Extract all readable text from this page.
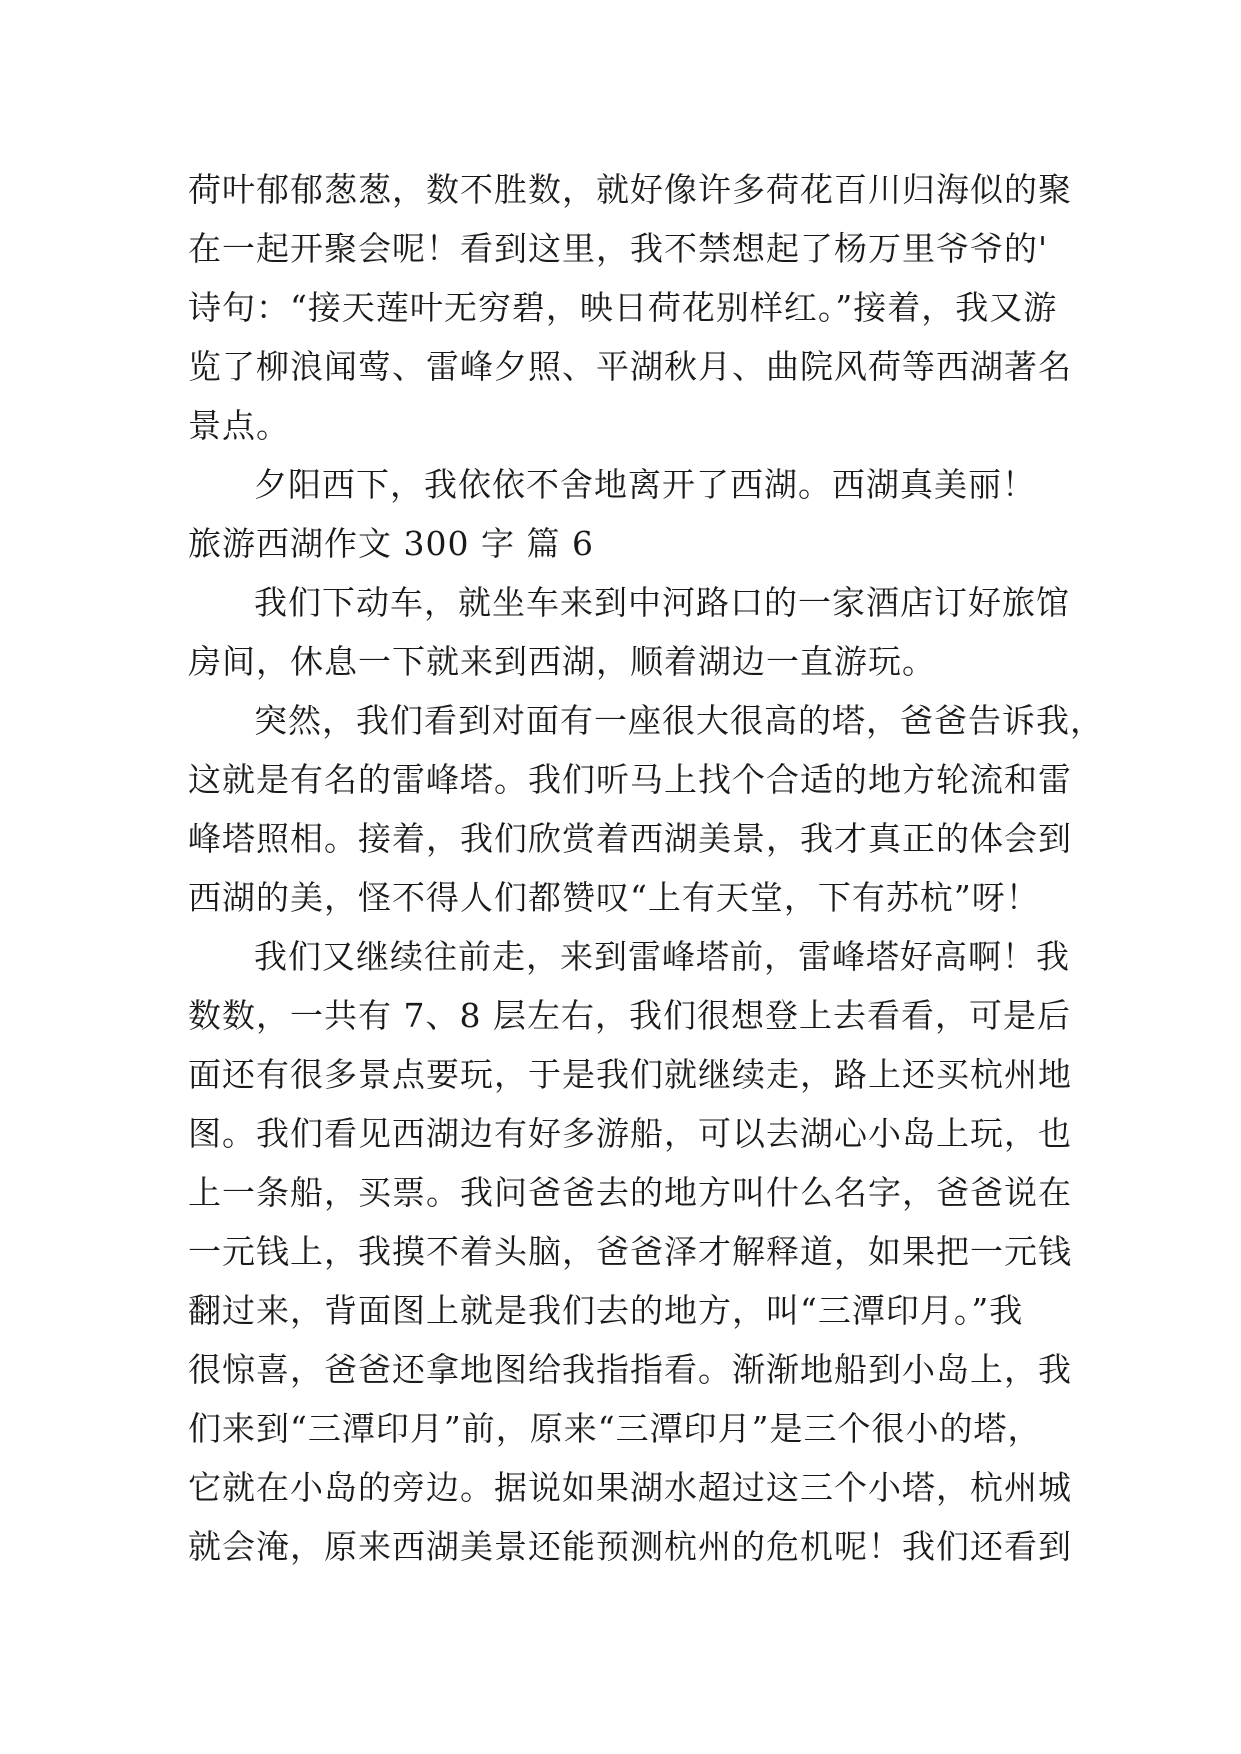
荷叶郁郁葱葱，数不胜数，就好像许多荷花百川归海似的聚
在一起开聚会呢！看到这里，我不禁想起了杨万里爷爷的'
诗句：“接天莲叶无穷碧，映日荷花别样红。”接着，我又游
览了柳浪闻莺、雷峰夕照、平湖秋月、曲院风荷等西湖著名
景点。
夕阳西下，我依依不舍地离开了西湖。西湖真美丽！
旅游西湖作文 300 字 篇 6
我们下动车，就坐车来到中河路口的一家酒店订好旅馆
房间，休息一下就来到西湖，顺着湖边一直游玩。
突然，我们看到对面有一座很大很高的塔，爸爸告诉我，
这就是有名的雷峰塔。我们听马上找个合适的地方轮流和雷
峰塔照相。接着，我们欣赏着西湖美景，我才真正的体会到
西湖的美，怪不得人们都赞叹“上有天堂，下有苏杭”呀！
我们又继续往前走，来到雷峰塔前，雷峰塔好高啊！我
数数，一共有 7、8 层左右，我们很想登上去看看，可是后
面还有很多景点要玩，于是我们就继续走，路上还买杭州地
图。我们看见西湖边有好多游船，可以去湖心小岛上玩，也
上一条船，买票。我问爸爸去的地方叫什么名字，爸爸说在
一元钱上，我摸不着头脑，爸爸泽才解释道，如果把一元钱
翻过来，背面图上就是我们去的地方，叫“三潭印月。”我
很惊喜，爸爸还拿地图给我指指看。渐渐地船到小岛上，我
们来到“三潭印月”前，原来“三潭印月”是三个很小的塔，
它就在小岛的旁边。据说如果湖水超过这三个小塔，杭州城
就会淹，原来西湖美景还能预测杭州的危机呢！我们还看到
